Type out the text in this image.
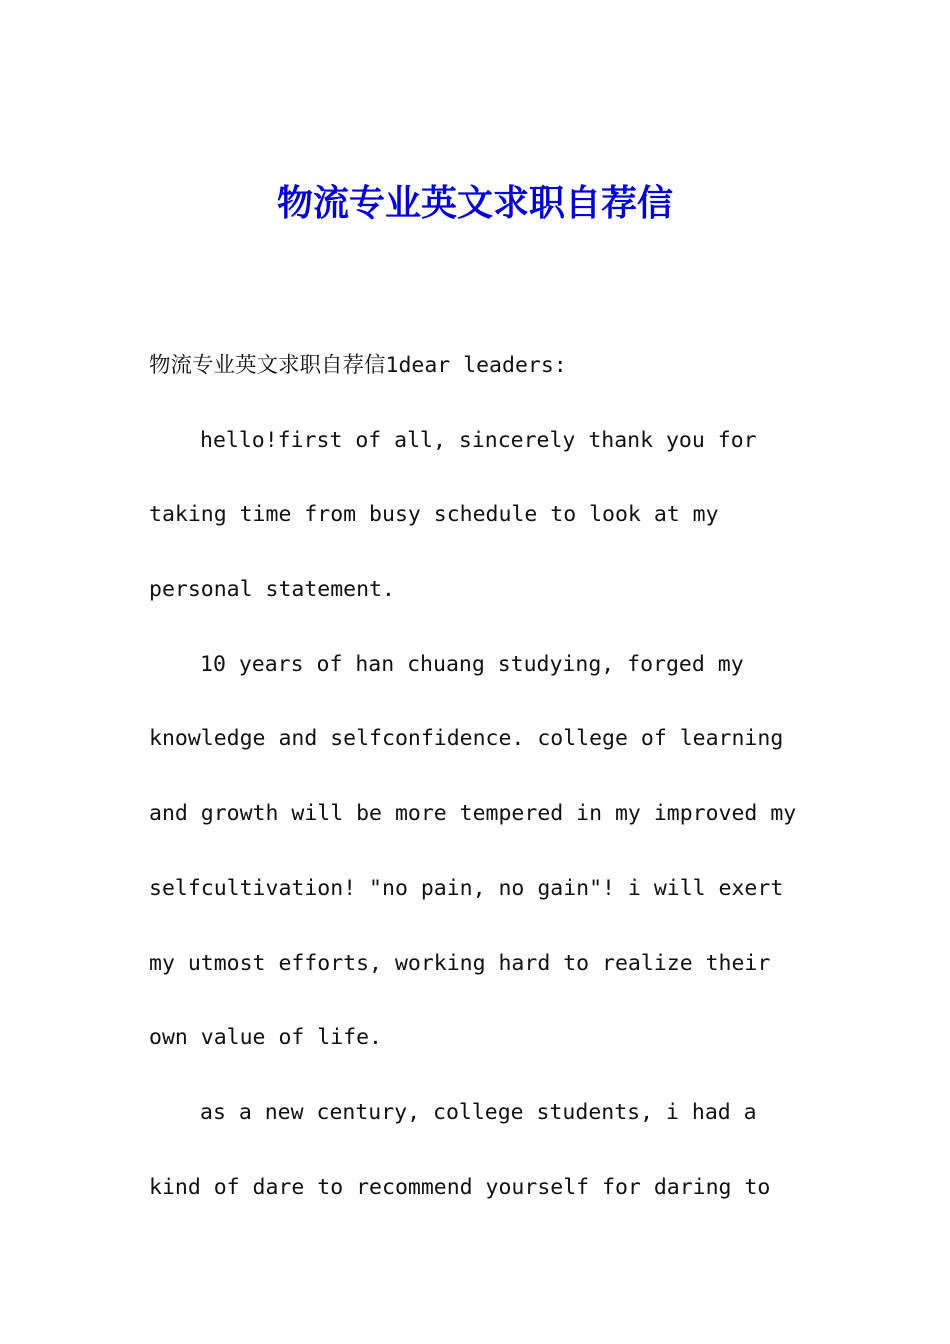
物流专业英文求职自荐信
物流专业英文求职自荐信1dear leaders:
hello!first of all, sincerely thank you for
taking time from busy schedule to look at my
personal statement.
10 years of han chuang studying, forged my
knowledge and selfconfidence. college of learning
and growth will be more tempered in my improved my
selfcultivation! "no pain, no gain"! i will exert
my utmost efforts, working hard to realize their
own value of life.
as a new century, college students, i had a
kind of dare to recommend yourself for daring to
